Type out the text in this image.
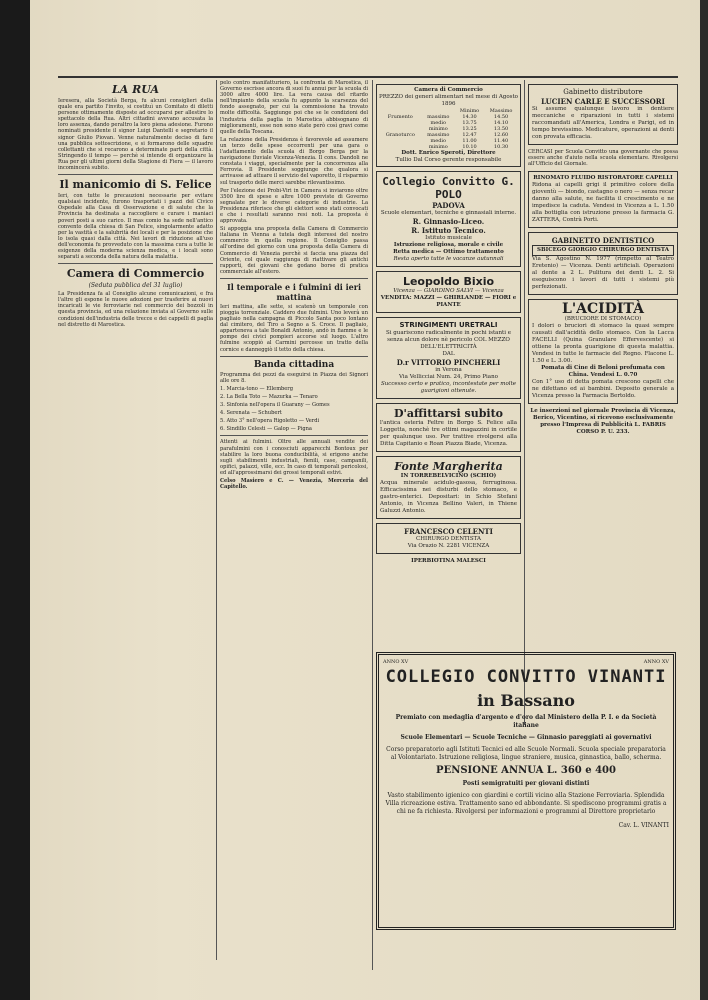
LA RUA

Ieresera, alla Società Berga, fu alcuni consiglieri della quale era partito l'invito, si costituì un Comitato di diletti persone ottimamente disposte ad occuparsi per allestire lo spettacolo della Rua. Altri cittadini avevano accusata la loro assenza, dando peraltro la loro piena adesione. Furono nominati presidente il signor Luigi Dantelli e segretario il signor Giulio Piovan. Venne naturalmente deciso di fare una pubblica sottoscrizione, e si formarono delle squadre collettanti che si recarono a determinate parti della città. Stringendo il tempo — perchè si intende di organizzare la Rua per gli ultimi giorni della Stagione di Fiera — il lavoro incomincerà subito.

Il manicomio di S. Felice

Ieri, con tutte le precauzioni necessarie per evitare qualsiasi incidente, furono trasportati i pazzi del Civico Ospedale alla Casa di Osservazione e di salute che la Provincia ha destinata a raccogliere e curare i maniaci poveri posti a suo carico. Il mas comio ha sede nell'antico convento della chiesa di San Felice, singolarmente adatto per la vastità e la salubrità dei locali e per la posizione che lo isola quasi dalla città. Nei lavori di riduzione all'uso dell'economia fu provveduto con la massima cura a tutte le esigenze della moderna scienza medica, e i locali sono separati a seconda della natura della malattia.

Camera di Commercio
(Seduta pubblica del 31 luglio)

La Presidenza fa al Consiglio alcune comunicazioni, e fra l'altre gli espone le nuove adozioni per trasferire ai nuovi incaricati le vie ferroviarie nel commercio dei bozzoli in questa provincia, ed una relazione inviata al Governo sulle condizioni dell'industria delle trecce e dei cappelli di paglia nel distretto di Marostica.

pelo contro manifatturiero, la confronta di Marostica, il Governo escrisse ancora di suoi fu annui per la scuola di 3000 altre 4000 lire. La vera causa del ritardo nell'impianto della scuola fu appunto la scarsezza del fondo assegnato, per cui la commissione ha trovato molte difficoltà. Saggiunge poi che se le condizioni del l'industria della paglia in Marostica abbisognano di miglioramenti, esse non sono state però così gravi come quelle della Toscana.

La relazione della Presidenza è favorevole ad assumere un terzo delle spese occorrenti per una gara o l'adattamento della scuola di Borgo Berga per la navigazione fluviale Vicenza-Venezia. Il cons. Dandoli ne constata i viaggi, specialmente per la concorrenza alla Ferrovia. Il Presidente soggiunge che qualora si arrivasse ad attuare il servizio del vaporetto, il risparmio sul trasporto delle merci sarebbe rilevantissimo.

Per l'elezione dei Probi-Viri in Camera si inviarono oltre 3500 lire di spese e altre 1000 previste di Governo segnalate per le diverse categorie di industrie. La Presidenza riferisce che gli elettori sono stati convocati e che i resultati saranno resi noti. La proposta è approvata.

Si appoggia una proposta della Camera di Commercio italiana in Vienna a tutela degli interessi del nostro commercio in quella regione. Il Consiglio passa all'ordine del giorno con una proposta della Camera di Commercio di Venezia perchè si faccia una piazza del Oriente, col quale raggiunga di riattivare gli antichi rapporti, dei giovani che godano borse di pratica commerciale all'estero.

Il temporale e i fulmini di ieri mattina

Ieri mattina, alle sette, si scatenò un temporale con pioggia torrenziale. Caddero due fulmini. Uno leverà un pagliaio nella campagna di Piccolo Santa poco lontano dal cimitero, del Tiro a Segno a S. Croce. Il pagliaio, apparteneva a tale Bonaldi Antonio, andò in fiamme e le pompe dei civici pompieri accorse sul luogo. L'altro fulmine scoppiò al Carmini percosse un tratto della cornice e danneggiò il tetto della chiesa.

Banda cittadina

Programma dei pezzi da eseguirsi in Piazza dei Signori alle ore 8.

1. Marcia-tono — Ellemberg
2. La Bella Toto — Mazurka — Tenaro
3. Sinfonia nell'opera il Guarany — Gomes
4. Serenata — Schubert
5. Atto 3° nell'opera Rigoletto — Verdi
6. Sindillo Celesti — Galop — Pigna

Attenti ai fulmini. Oltre alle annuali vendite dei parafulmini con i conosciuti apparecchi Bontoux per stabilire la loro buona conducibilità, si erigono anche sugli stabilimenti industriali, fienili, case, campanili, opifici, palazzi, ville, ecc. In caso di temporali pericolosi, ed all'approssimarsi dei grossi temporali estivi.

Celso Masiero e C. — Venezia, Merceria del Capitello.

Camera di Commercio
PREZZO dei generi alimentari nel mese di Agosto 1896
		Minimo	Massimo
Frumento	massimo	14.30	14.50
	medio	13.75	14.10
	minimo	13.25	13.50
Granoturco	massimo	12.47	12.60
	medio	11.00	11.40
	minimo	10.10	10.30
Dott. Enrico Speroti, Direttore
Tullio Dal Corso gerente responsabile
Collegio Convitto G. POLO
PADOVA
Scuole elementari, tecniche e ginnasiali interne.
R. Ginnasio-Liceo.
R. Istituto Tecnico.
Istituto musicale
Istruzione religiosa, morale e civile
Retta medica — Ottimo trattamento
Resta aperto tutte le vacanze autunnali
Leopoldo Bixio
Vicenza — GIARDINO SALVI — Vicenza
VENDITA: MAZZI — GHIRLANDE — FIORI e PIANTE
STRINGIMENTI URETRALI
Si guariscono radicalmente in pochi istanti e senza alcun dolore nè pericolo COL MEZZO DELL'ELETTRICITÀ
DAL
D.r VITTORIO PINCHERLI
in Verona
Via Vellicciai Num. 24, Primo Piano
Successo certo e pratico, incontestate per molte guarigioni ottenute.
D'affittarsi subito
l'antica osteria Feltre in Borgo S. Felice alla Loggetta, nonchè tre ottimi magazzini in cortile per qualunque uso. Per trattive rivolgersi alla Ditta Capitanio e Roan Piazza Biade, Vicenza.
Fonte Margherita
IN TORREBELVICINO (SCHIO)
Acqua minerale acidulo-gasosa, ferruginosa. Efficacissima nei disturbi dello stomaco, e gastro-enterici. Depositari: in Schio Stefani Antonio, in Vicenza Bellino Valeri, in Thiene Galuzzi Antonio.
FRANCESCO CELENTI
CHIRURGO DENTISTA
Via Orazio N. 2281 VICENZA
IPERBIOTINA MALESCI
Gabinetto distributore
LUCIEN CARLE E SUCCESSORI
Si assume qualunque lavoro in dentiere meccaniche e riparazioni in tutti i sistemi raccomandati all'America, Londra e Parigi, ed in tempo brevissimo. Medicature, operazioni ai denti con provata efficacia.

CERCASI per Scuola Convitto una governante che possa essere anche d'aiuto nella scuola elementare. Rivolgersi all'Ufficio del Giornale.

RINOMATO FLUIDO RISTORATORE CAPELLI
Ridona ai capelli grigi il primitivo colore della gioventù — biondo, castagno o nero — senza recar danno alla salute, ne facilita il crescimento e ne impedisce la caduta. Vendesi in Vicenza a L. 1.50 alla bottiglia con istruzione presso la farmacia G. ZATTERA, Contrà Porti.
GABINETTO DENTISTICO
SBICEGO GIORGIO CHIRURGO DENTISTA
Via S. Agostino N. 1977 (rimpetto al Teatro Eretenio) — Vicenza. Denti artificiali. Operazioni al dente a 2 L. Pulitura dei denti L. 2. Si eseguiscono i lavori di tutti i sistemi più perfezionati.
L'ACIDITÀ
(BRUCIORE DI STOMACO)
I dolori o bruciori di stomaco la quasi sempre causati dall'acidità dello stomaco. Con la Lacca FACELLI (Quina Granulare Effervescente) si ottiene la pronta guarigione di questa malattia. Vendesi in tutte le farmacie del Regno. Flacone L. 1.50 e L. 3.00.
Pomata di Cine di Beloni profumata con China. Vendesi L. 0.70
Con 1° uso di detta pomata crescono capelli che ne difettano ed ai bambini. Deposito generale a Vicenza presso la Farmacia Bertoldo.
Le inserzioni nel giornale Provincia di Vicenza, Berico, Vicentino, si ricevono esclusivamente presso l'Impresa di Pubblicità L. FABRIS CORSO P. U. 233.
ANNO XV	ANNO XV
COLLEGIO CONVITTO VINANTI
in Bassano
Premiato con medaglia d'argento e d'oro dal Ministero della P. I. e da Società italiane
Scuole Elementari — Scuole Tecniche — Ginnasio pareggiati ai governativi
Corso preparatorio agli Istituti Tecnici ed alle Scuole Normali. Scuola speciale preparatoria al Volontariato. Istruzione religiosa, lingue straniere, musica, ginnastica, ballo, scherma.
PENSIONE ANNUA L. 360 e 400
Posti semigratuiti per giovani distinti
Vasto stabilimento igienico con giardini e cortili vicino alla Stazione Ferroviaria. Splendida Villa ricreazione estiva. Trattamento sano ed abbondante. Si spediscono programmi gratis a chi ne fa richiesta. Rivolgersi per informazioni e programmi al Direttore proprietario
Cav. L. VINANTI
